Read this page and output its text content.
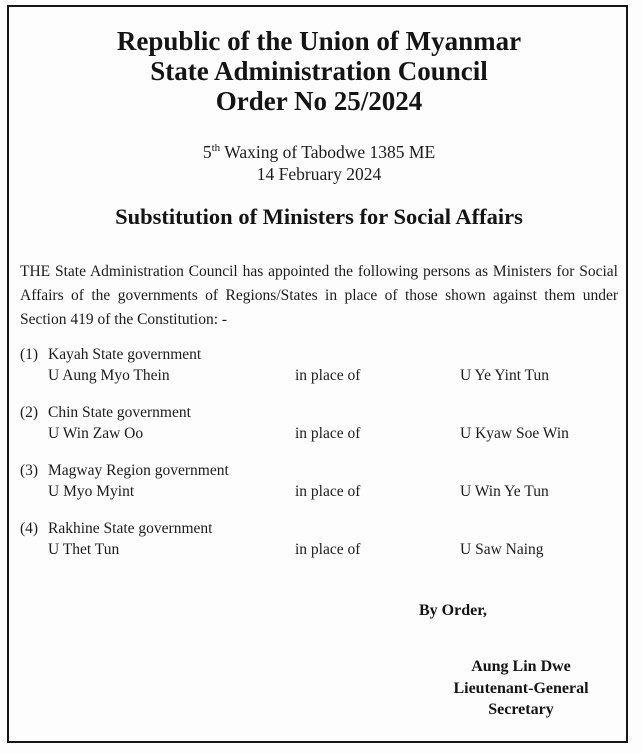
Republic of the Union of Myanmar
State Administration Council
Order No 25/2024
5th Waxing of Tabodwe 1385 ME
14 February 2024
Substitution of Ministers for Social Affairs
THE State Administration Council has appointed the following persons as Ministers for Social
Affairs of the governments of Regions/States in place of those shown against them under
Section 419 of the Constitution: -
(1) Kayah State government
U Aung Myo Thein	in place of	U Ye Yint Tun
(2) Chin State government
U Win Zaw Oo	in place of	U Kyaw Soe Win
(3) Magway Region government
U Myo Myint	in place of	U Win Ye Tun
(4) Rakhine State government
U Thet Tun	in place of	U Saw Naing
By Order,
Aung Lin Dwe
Lieutenant-General
Secretary
